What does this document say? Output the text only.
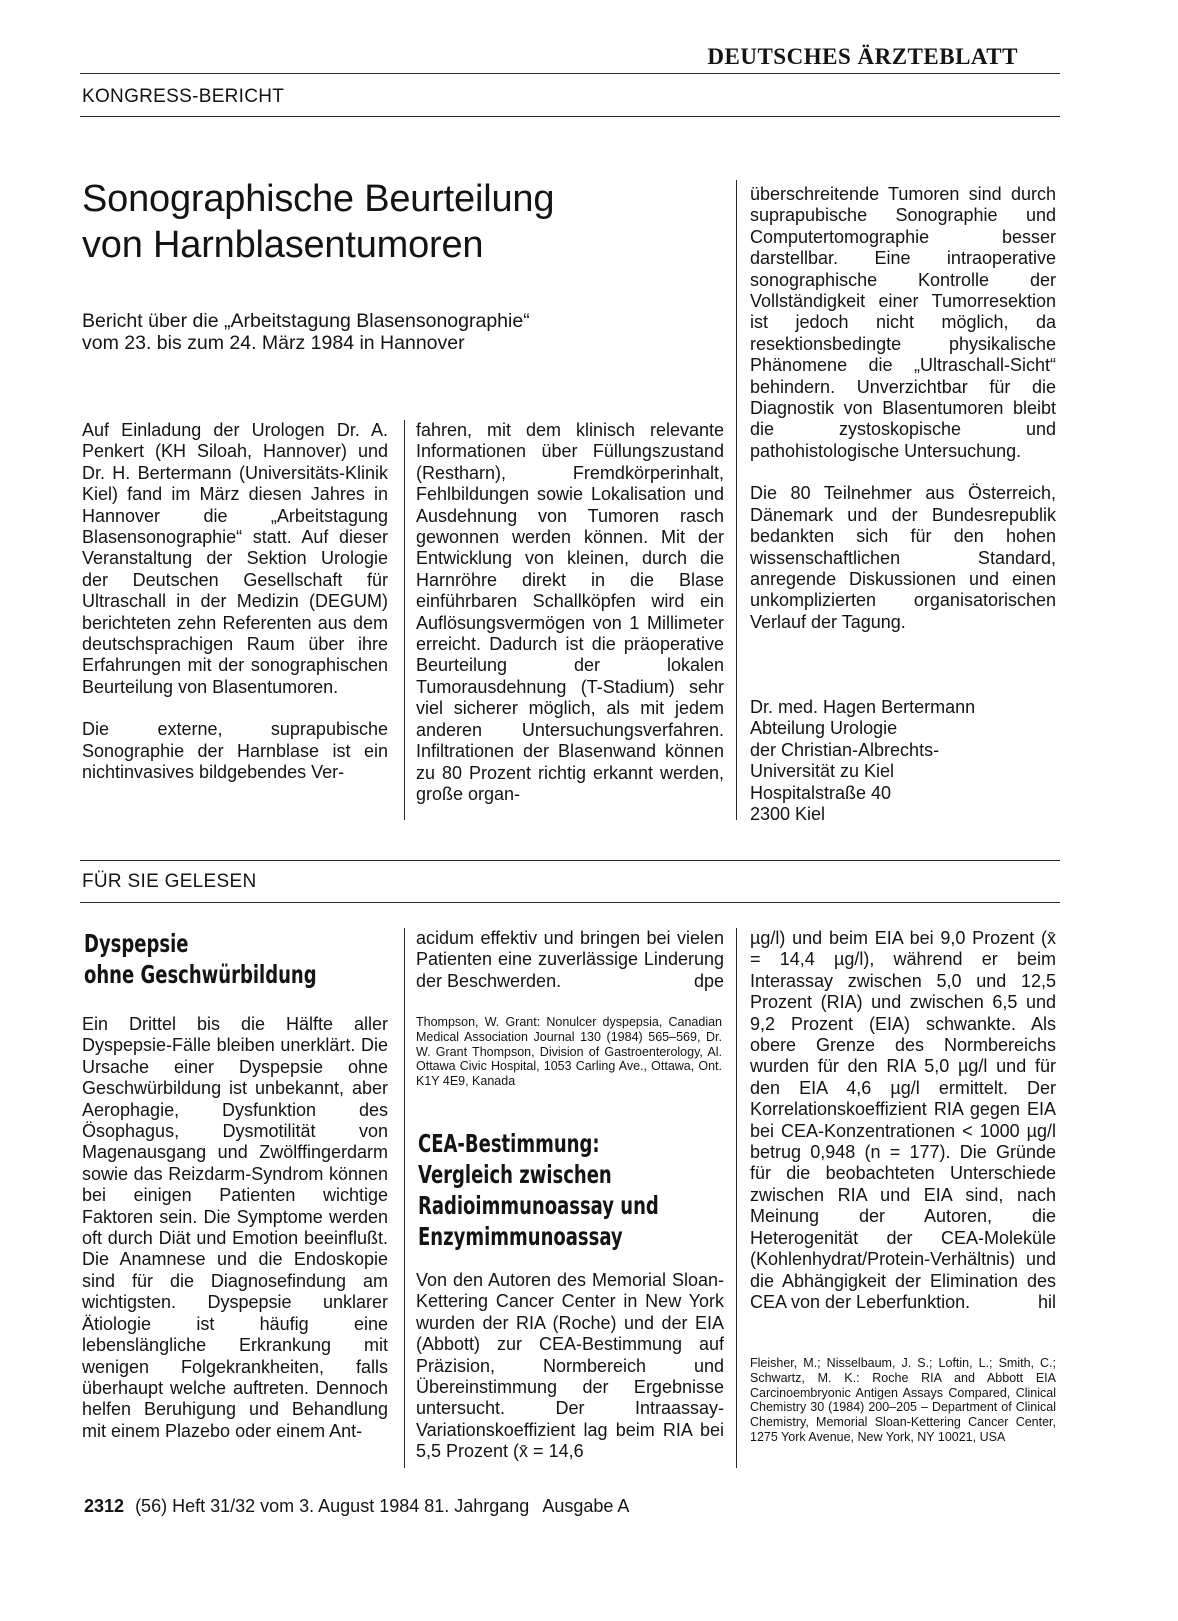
DEUTSCHES ÄRZTEBLATT
KONGRESS-BERICHT
Sonographische Beurteilung
von Harnblasentumoren
Bericht über die „Arbeitstagung Blasensonographie“
vom 23. bis zum 24. März 1984 in Hannover

Auf Einladung der Urologen Dr. A. Penkert (KH Siloah, Hannover) und Dr. H. Bertermann (Universitäts-Klinik Kiel) fand im März diesen Jahres in Hannover die „Arbeitstagung Blasensonographie“ statt. Auf dieser Veranstaltung der Sektion Urologie der Deutschen Gesellschaft für Ultraschall in der Medizin (DEGUM) berichteten zehn Referenten aus dem deutschsprachigen Raum über ihre Erfahrungen mit der sonographischen Beurteilung von Blasentumoren.

Die externe, suprapubische Sonographie der Harnblase ist ein nichtinvasives bildgebendes Ver-

fahren, mit dem klinisch relevante Informationen über Füllungszustand (Restharn), Fremdkörperinhalt, Fehlbildungen sowie Lokalisation und Ausdehnung von Tumoren rasch gewonnen werden können. Mit der Entwicklung von kleinen, durch die Harnröhre direkt in die Blase einführbaren Schallköpfen wird ein Auflösungsvermögen von 1 Millimeter erreicht. Dadurch ist die präoperative Beurteilung der lokalen Tumorausdehnung (T-Stadium) sehr viel sicherer möglich, als mit jedem anderen Untersuchungsverfahren. Infiltrationen der Blasenwand können zu 80 Prozent richtig erkannt werden, große organ-

überschreitende Tumoren sind durch suprapubische Sonographie und Computertomographie besser darstellbar. Eine intraoperative sonographische Kontrolle der Vollständigkeit einer Tumorresektion ist jedoch nicht möglich, da resektionsbedingte physikalische Phänomene die „Ultraschall-Sicht“ behindern. Unverzichtbar für die Diagnostik von Blasentumoren bleibt die zystoskopische und pathohistologische Untersuchung.

Die 80 Teilnehmer aus Österreich, Dänemark und der Bundesrepublik bedankten sich für den hohen wissenschaftlichen Standard, anregende Diskussionen und einen unkomplizierten organisatorischen Verlauf der Tagung.

Dr. med. Hagen Bertermann
Abteilung Urologie
der Christian-Albrechts-
Universität zu Kiel
Hospitalstraße 40
2300 Kiel
FÜR SIE GELESEN
Dyspepsie
ohne Geschwürbildung

Ein Drittel bis die Hälfte aller Dyspepsie-Fälle bleiben unerklärt. Die Ursache einer Dyspepsie ohne Geschwürbildung ist unbekannt, aber Aerophagie, Dysfunktion des Ösophagus, Dysmotilität von Magenausgang und Zwölffingerdarm sowie das Reizdarm-Syndrom können bei einigen Patienten wichtige Faktoren sein. Die Symptome werden oft durch Diät und Emotion beeinflußt. Die Anamnese und die Endoskopie sind für die Diagnosefindung am wichtigsten. Dyspepsie unklarer Ätiologie ist häufig eine lebenslängliche Erkrankung mit wenigen Folgekrankheiten, falls überhaupt welche auftreten. Dennoch helfen Beruhigung und Behandlung mit einem Plazebo oder einem Ant-

acidum effektiv und bringen bei vielen Patienten eine zuverlässige Linderung der Beschwerden.	dpe

Thompson, W. Grant: Nonulcer dyspepsia, Canadian Medical Association Journal 130 (1984) 565–569, Dr. W. Grant Thompson, Division of Gastroenterology, Al. Ottawa Civic Hospital, 1053 Carling Ave., Ottawa, Ont. K1Y 4E9, Kanada
CEA-Bestimmung:
Vergleich zwischen
Radioimmunoassay und
Enzymimmunoassay

Von den Autoren des Memorial Sloan-Kettering Cancer Center in New York wurden der RIA (Roche) und der EIA (Abbott) zur CEA-Bestimmung auf Präzision, Normbereich und Übereinstimmung der Ergebnisse untersucht. Der Intraassay-Variationskoeffizient lag beim RIA bei 5,5 Prozent (x̄ = 14,6

µg/l) und beim EIA bei 9,0 Prozent (x̄ = 14,4 µg/l), während er beim Interassay zwischen 5,0 und 12,5 Prozent (RIA) und zwischen 6,5 und 9,2 Prozent (EIA) schwankte. Als obere Grenze des Normbereichs wurden für den RIA 5,0 µg/l und für den EIA 4,6 µg/l ermittelt. Der Korrelationskoeffizient RIA gegen EIA bei CEA-Konzentrationen < 1000 µg/l betrug 0,948 (n = 177). Die Gründe für die beobachteten Unterschiede zwischen RIA und EIA sind, nach Meinung der Autoren, die Heterogenität der CEA-Moleküle (Kohlenhydrat/Protein-Verhältnis) und die Abhängigkeit der Elimination des CEA von der Leberfunktion.	hil

Fleisher, M.; Nisselbaum, J. S.; Loftin, L.; Smith, C.; Schwartz, M. K.: Roche RIA and Abbott EIA Carcinoembryonic Antigen Assays Compared, Clinical Chemistry 30 (1984) 200–205 – Department of Clinical Chemistry, Memorial Sloan-Kettering Cancer Center, 1275 York Avenue, New York, NY 10021, USA
2312 (56) Heft 31/32 vom 3. August 1984 81. Jahrgang Ausgabe A
